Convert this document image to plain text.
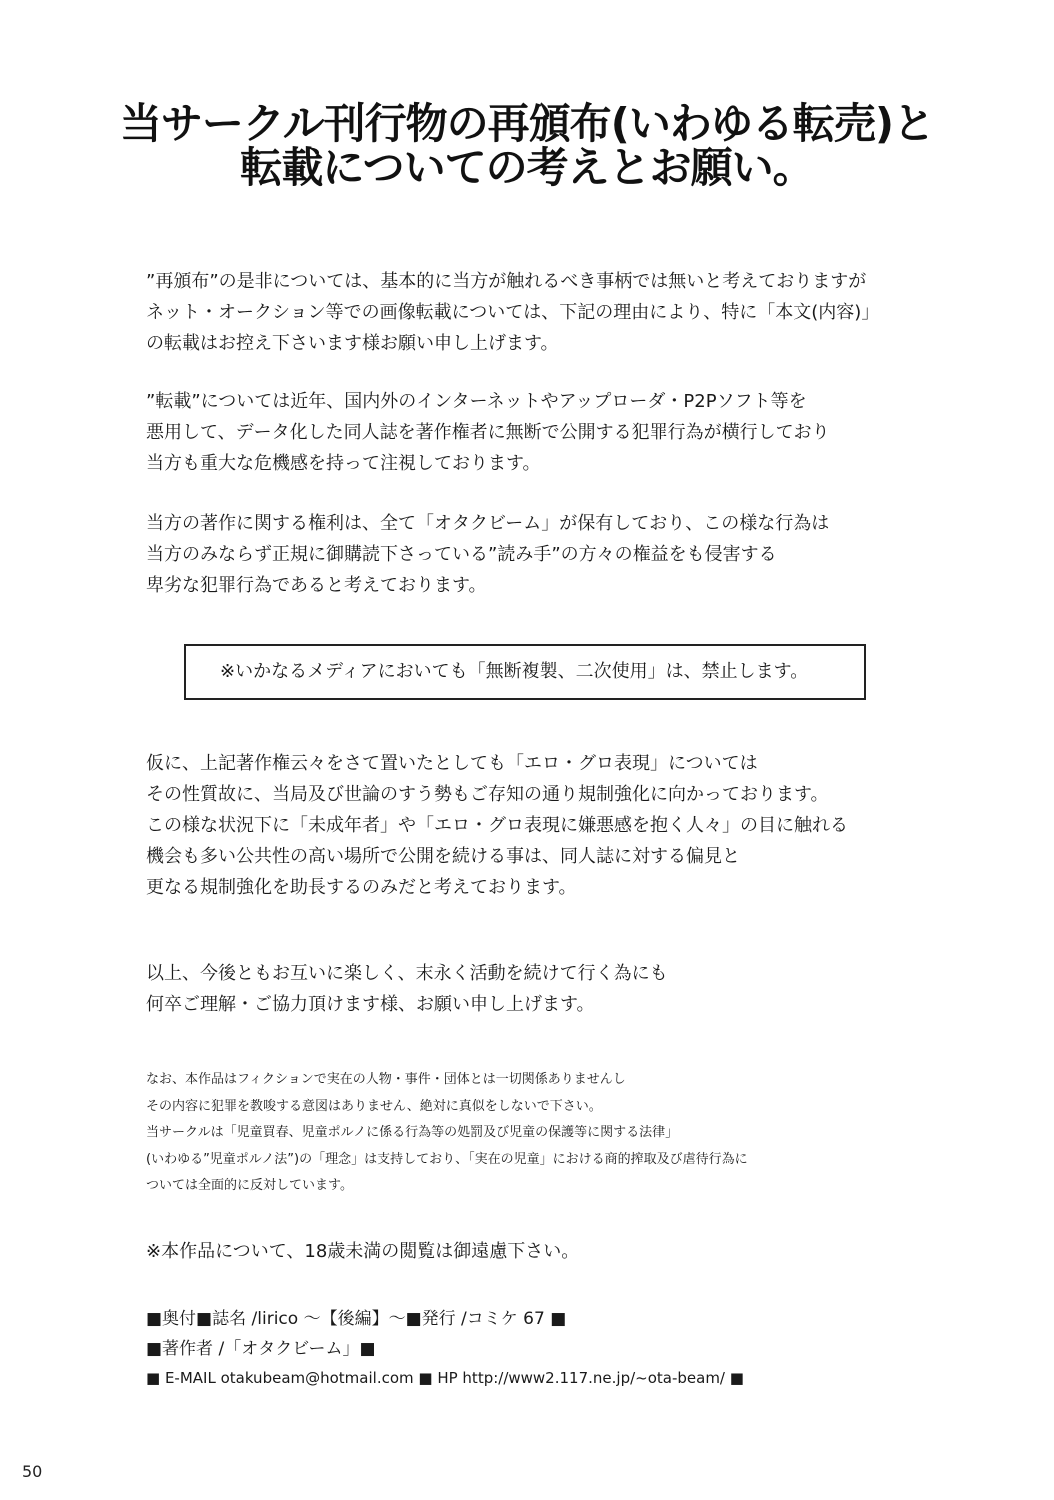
当サークル刊行物の再頒布(いわゆる転売)と
転載についての考えとお願い。
”再頒布”の是非については、基本的に当方が触れるべき事柄では無いと考えておりますが
ネット・オークション等での画像転載については、下記の理由により、特に「本文(内容)」
の転載はお控え下さいます様お願い申し上げます。
”転載”については近年、国内外のインターネットやアップローダ・P2Pソフト等を
悪用して、データ化した同人誌を著作権者に無断で公開する犯罪行為が横行しており
当方も重大な危機感を持って注視しております。
当方の著作に関する権利は、全て「オタクビーム」が保有しており、この様な行為は
当方のみならず正規に御購読下さっている”読み手”の方々の権益をも侵害する
卑劣な犯罪行為であると考えております。
※いかなるメディアにおいても「無断複製、二次使用」は、禁止します。
仮に、上記著作権云々をさて置いたとしても「エロ・グロ表現」については
その性質故に、当局及び世論のすう勢もご存知の通り規制強化に向かっております。
この様な状況下に「未成年者」や「エロ・グロ表現に嫌悪感を抱く人々」の目に触れる
機会も多い公共性の高い場所で公開を続ける事は、同人誌に対する偏見と
更なる規制強化を助長するのみだと考えております。
以上、今後ともお互いに楽しく、末永く活動を続けて行く為にも
何卒ご理解・ご協力頂けます様、お願い申し上げます。
なお、本作品はフィクションで実在の人物・事件・団体とは一切関係ありませんし
その内容に犯罪を教唆する意図はありません、絶対に真似をしないで下さい。
当サークルは「児童買春、児童ポルノに係る行為等の処罰及び児童の保護等に関する法律」
(いわゆる”児童ポルノ法”)の「理念」は支持しており、「実在の児童」における商的搾取及び虐待行為に
ついては全面的に反対しています。
※本作品について、18歳未満の閲覧は御遠慮下さい。
■奥付■誌名 /lirico ～【後編】～■発行 /コミケ 67 ■
■著作者 /「オタクビーム」■
■ E-MAIL otakubeam@hotmail.com ■ HP http://www2.117.ne.jp/~ota-beam/ ■
50
